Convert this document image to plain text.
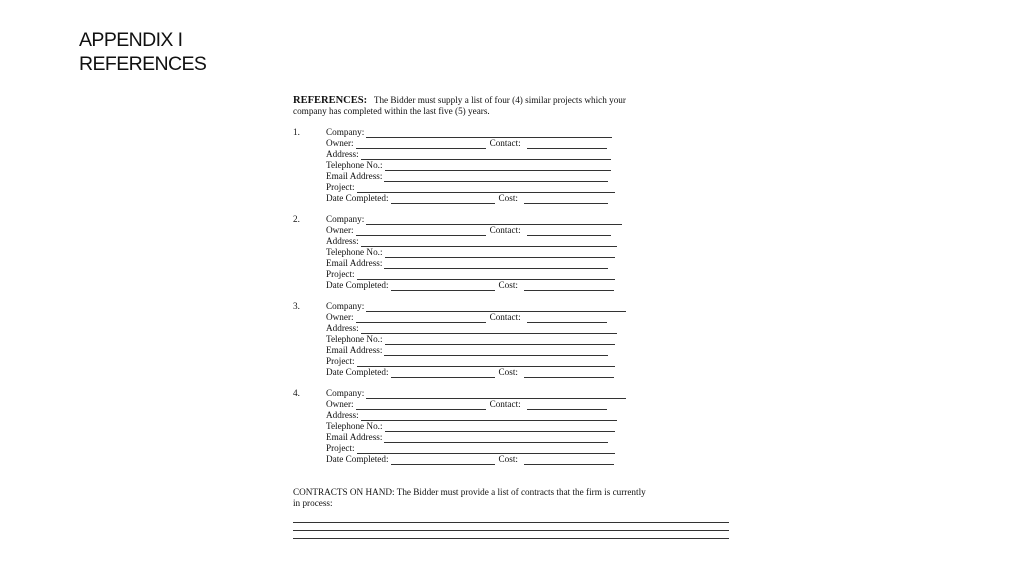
APPENDIX I
REFERENCES

REFERENCES: The Bidder must supply a list of four (4) similar projects which your
company has completed within the last five (5) years.

1.	Company:
Owner:	Contact:
Address:
Telephone No.:
Email Address:
Project:
Date Completed:	Cost:
2.	Company:
Owner:	Contact:
Address:
Telephone No.:
Email Address:
Project:
Date Completed:	Cost:
3.	Company:
Owner:	Contact:
Address:
Telephone No.:
Email Address:
Project:
Date Completed:	Cost:
4.	Company:
Owner:	Contact:
Address:
Telephone No.:
Email Address:
Project:
Date Completed:	Cost:
CONTRACTS ON HAND: The Bidder must provide a list of contracts that the firm is currently
in process:
